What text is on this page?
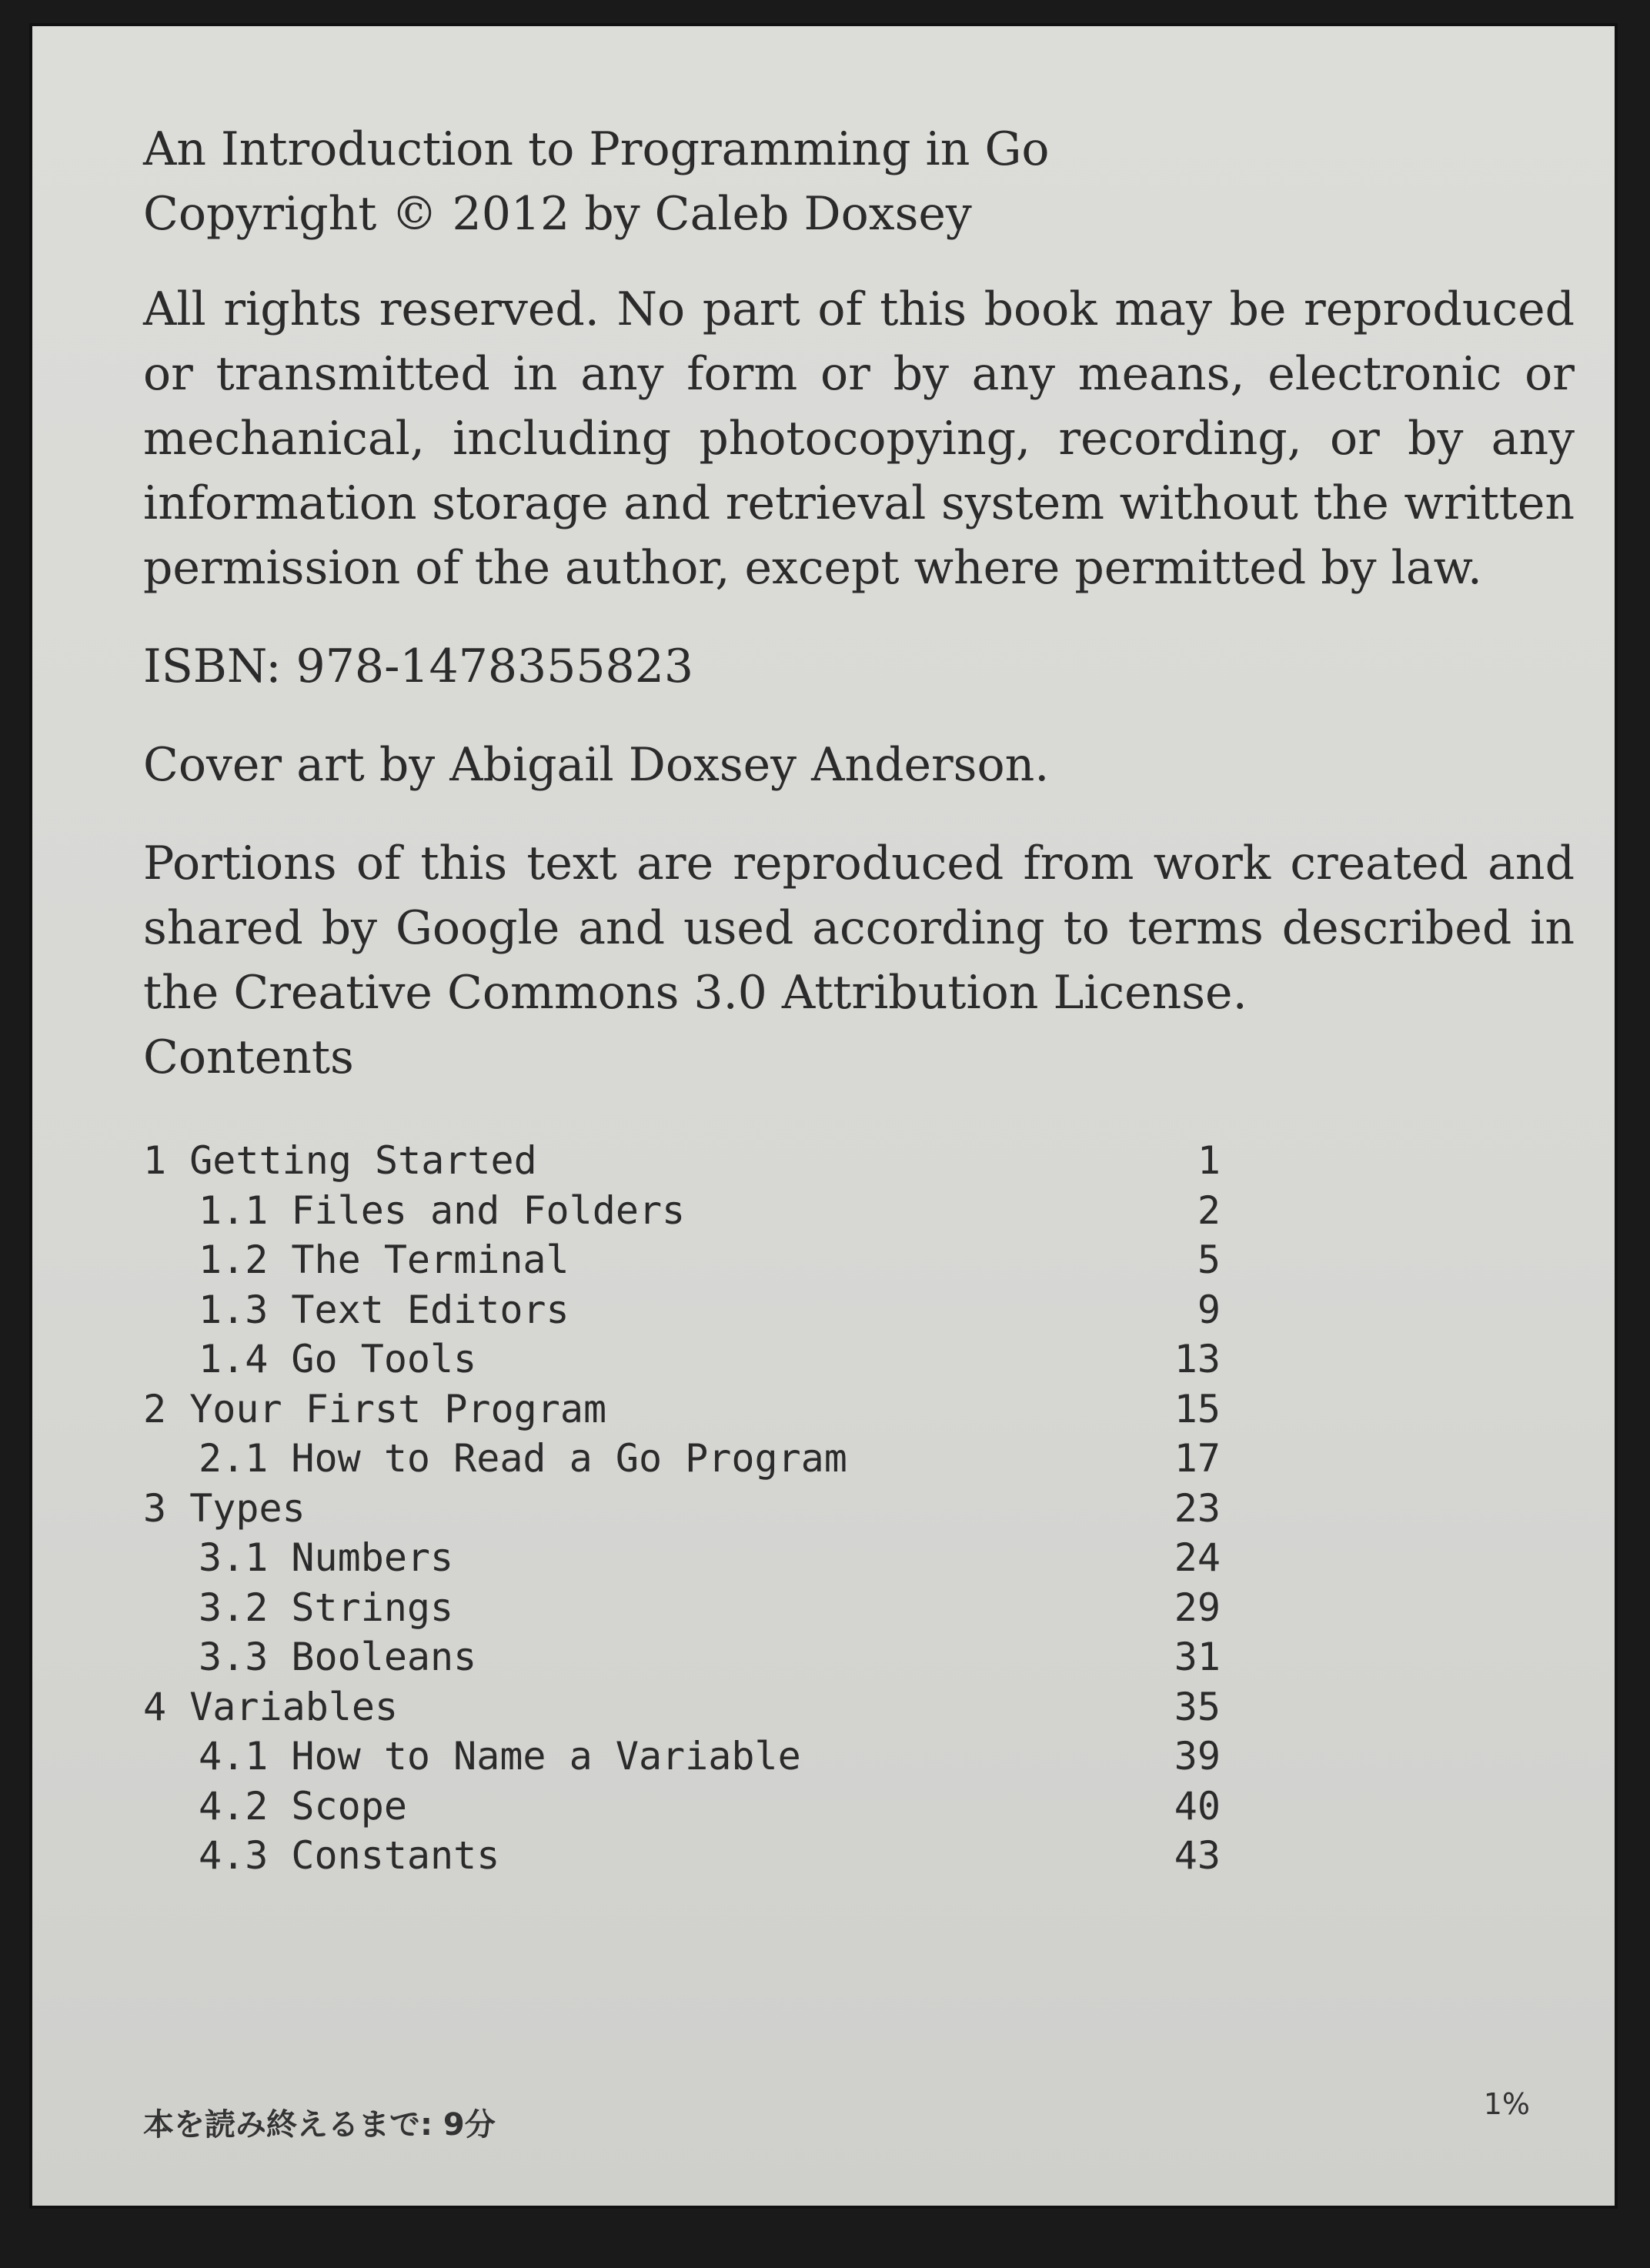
An Introduction to Programming in Go
Copyright © 2012 by Caleb Doxsey
All rights reserved. No part of this book may be reproduced or transmitted in any form or by any means, electronic or mechanical, including photocopying, recording, or by any information storage and retrieval system without the written permission of the author, except where permitted by law.
ISBN: 978-1478355823
Cover art by Abigail Doxsey Anderson.
Portions of this text are reproduced from work created and shared by Google and used according to terms described in the Creative Commons 3.0 Attribution License.
Contents
1 Getting Started	1
1.1 Files and Folders	2
1.2 The Terminal	5
1.3 Text Editors	9
1.4 Go Tools	13
2 Your First Program	15
2.1 How to Read a Go Program	17
3 Types	23
3.1 Numbers	24
3.2 Strings	29
3.3 Booleans	31
4 Variables	35
4.1 How to Name a Variable	39
4.2 Scope	40
4.3 Constants	43
本を読み終えるまで: 9分
1%
